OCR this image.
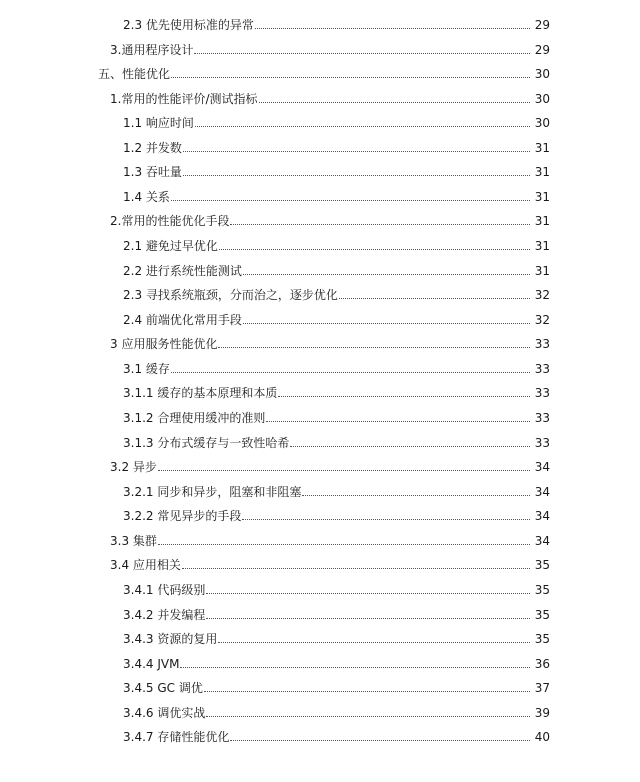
2.3 优先使用标准的异常	29
3.通用程序设计	29
五、性能优化	30
1.常用的性能评价/测试指标	30
1.1 响应时间	30
1.2 并发数	31
1.3 吞吐量	31
1.4 关系	31
2.常用的性能优化手段	31
2.1 避免过早优化	31
2.2 进行系统性能测试	31
2.3 寻找系统瓶颈，分而治之，逐步优化	32
2.4 前端优化常用手段	32
3 应用服务性能优化	33
3.1 缓存	33
3.1.1 缓存的基本原理和本质	33
3.1.2 合理使用缓冲的准则	33
3.1.3 分布式缓存与一致性哈希	33
3.2 异步	34
3.2.1 同步和异步，阻塞和非阻塞	34
3.2.2 常见异步的手段	34
3.3 集群	34
3.4 应用相关	35
3.4.1 代码级别	35
3.4.2 并发编程	35
3.4.3 资源的复用	35
3.4.4 JVM	36
3.4.5 GC 调优	37
3.4.6 调优实战	39
3.4.7 存储性能优化	40
